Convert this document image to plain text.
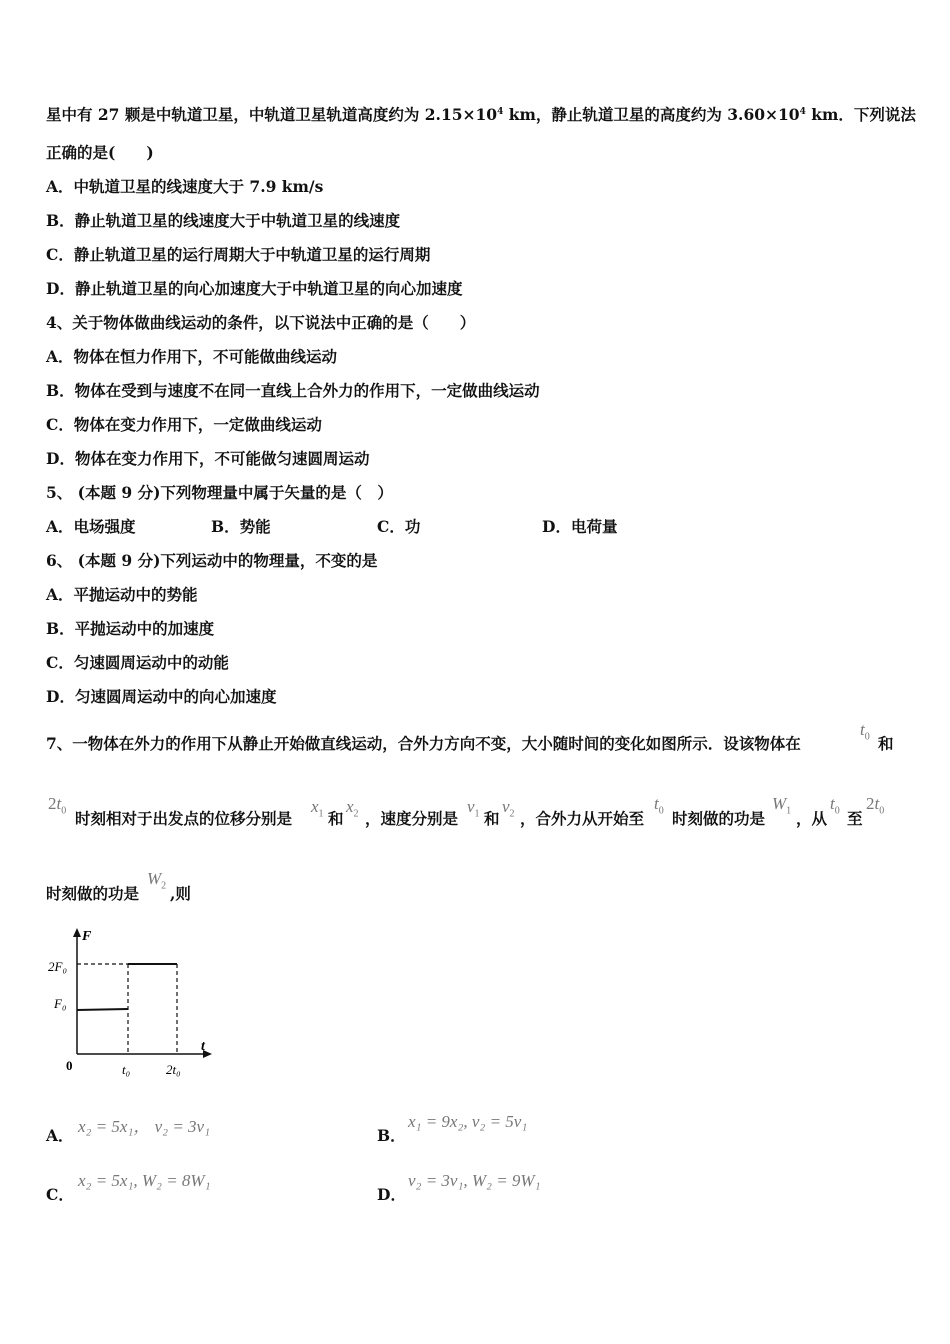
星中有 27 颗是中轨道卫星，中轨道卫星轨道高度约为 $2.15\times 10^4$ km，静止轨道卫星的高度约为 $3.60\times 10^4$ km．下列说法
正确的是(　　)
A．中轨道卫星的线速度大于 7.9 km/s
B．静止轨道卫星的线速度大于中轨道卫星的线速度
C．静止轨道卫星的运行周期大于中轨道卫星的运行周期
D．静止轨道卫星的向心加速度大于中轨道卫星的向心加速度
4、关于物体做曲线运动的条件，以下说法中正确的是（　　）
A．物体在恒力作用下，不可能做曲线运动
B．物体在受到与速度不在同一直线上合外力的作用下，一定做曲线运动
C．物体在变力作用下，一定做曲线运动
D．物体在变力作用下，不可能做匀速圆周运动
5、 (本题 9 分)下列物理量中属于矢量的是（　）
A．电场强度	B．势能	C．功	D．电荷量
6、 (本题 9 分)下列运动中的物理量，不变的是
A．平抛运动中的势能
B．平抛运动中的加速度
C．匀速圆周运动中的动能
D．匀速圆周运动中的向心加速度
7、一物体在外力的作用下从静止开始做直线运动，合外力方向不变，大小随时间的变化如图所示．设该物体在
$t_0$ 和
$2t_0$ 时刻相对于出发点的位移分别是
$x_1$ 和
$x_2$ ，速度分别是
$v_1$ 和
$v_2$ ，合外力从开始至
$t_0$ 时刻做的功是
$W_1$ ，从
$t_0$ 至
$2t_0$
时刻做的功是
$W_2$ ,则
F
t
0
2F₀
F₀
t₀	2t₀
A． x₂ = 5x₁， v₂ = 3v₁	B．
x₁ = 9x₂, v₂ = 5v₁
C．
x₂ = 5x₁, W₂ = 8W₁
D．
v₂ = 3v₁, W₂ = 9W₁
